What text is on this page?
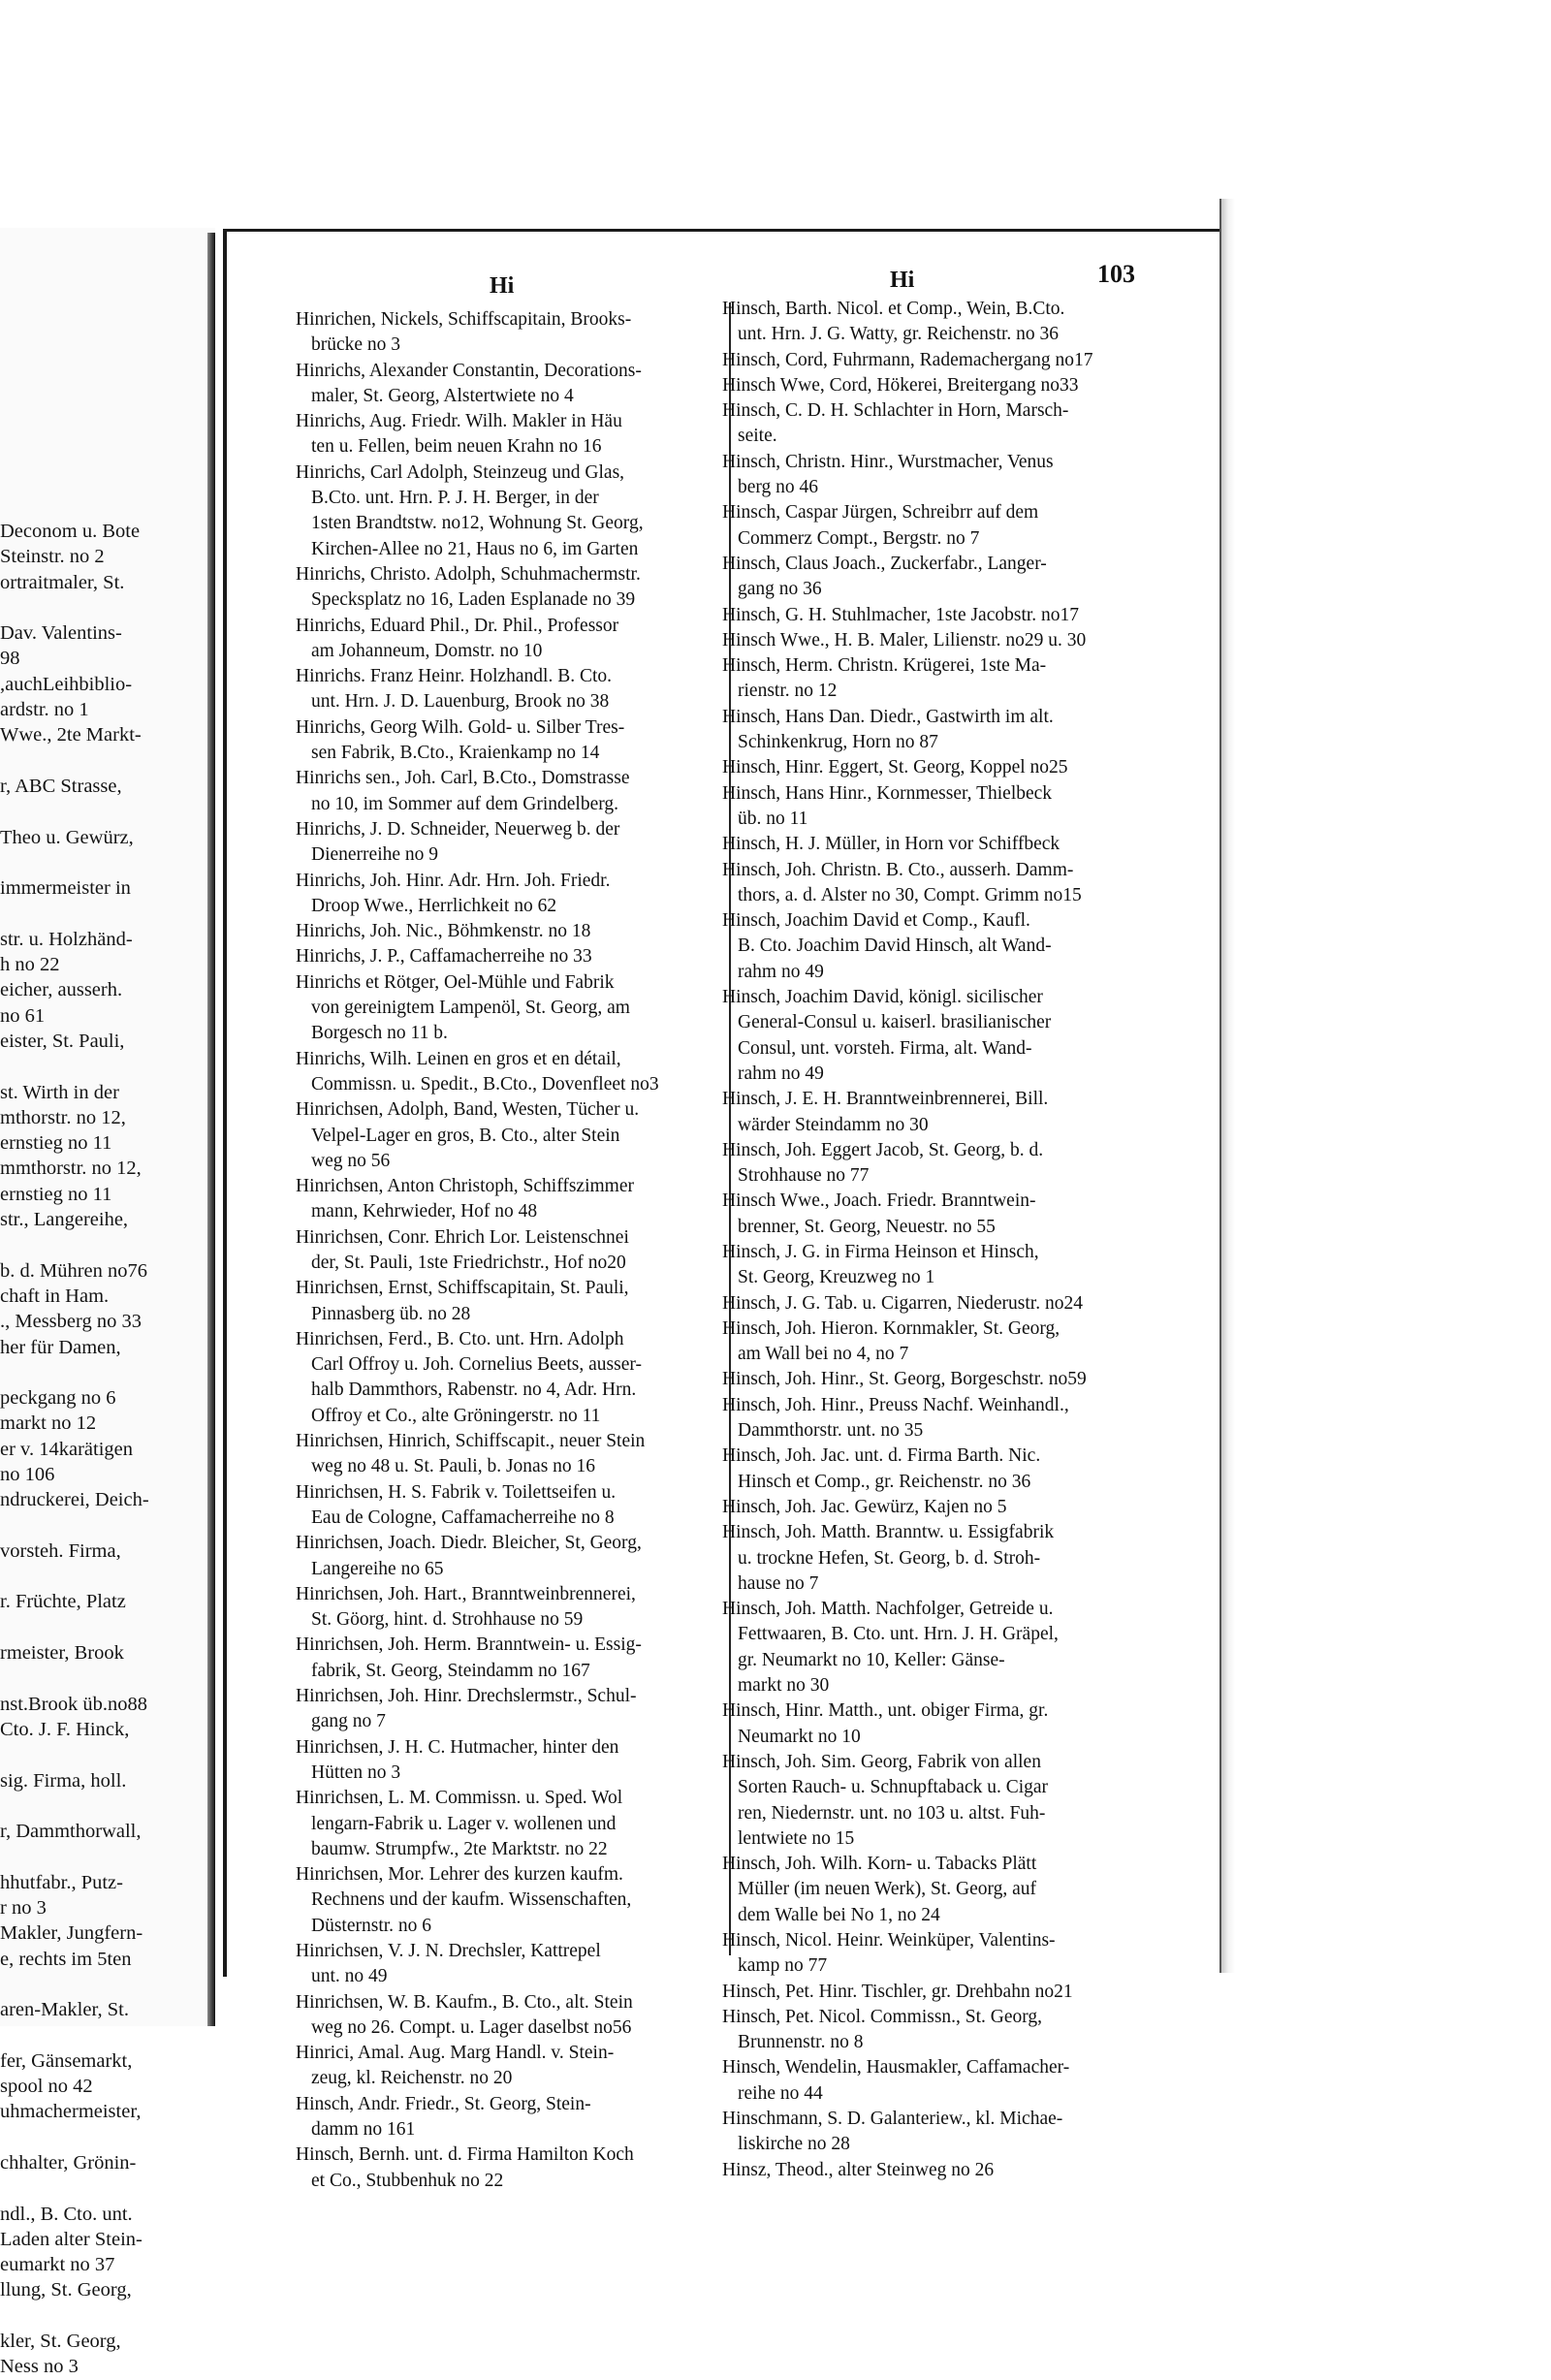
Deconom u. Bote
Steinstr. no 2
ortraitmaler, St.
Dav. Valentins-
98
,auchLeihbiblio-
ardstr. no 1
Wwe., 2te Markt-
r, ABC Strasse,
Theo u. Gewürz,
immermeister in
str. u. Holzhänd-
h no 22
eicher, ausserh.
no 61
eister, St. Pauli,
st. Wirth in der
mthorstr. no 12,
ernstieg no 11
mmthorstr. no 12,
ernstieg no 11
str., Langereihe,
b. d. Mühren no76
chaft in Ham.
., Messberg no 33
her für Damen,
peckgang no 6
markt no 12
er v. 14karätigen
no 106
ndruckerei, Deich-
vorsteh. Firma,
r. Früchte, Platz
rmeister, Brook
nst.Brook üb.no88
Cto. J. F. Hinck,
sig. Firma, holl.
r, Dammthorwall,
hhutfabr., Putz-
r no 3
Makler, Jungfern-
e, rechts im 5ten
aren-Makler, St.
fer, Gänsemarkt,
spool no 42
uhmachermeister,
chhalter, Grönin-
ndl., B. Cto. unt.
Laden alter Stein-
eumarkt no 37
llung, St. Georg,
kler, St. Georg,
Ness no 3
Hi	Hi	103
Hinrichen, Nickels, Schiffscapitain, Brooks-
brücke no 3
Hinrichs, Alexander Constantin, Decorations-
maler, St. Georg, Alstertwiete no 4
Hinrichs, Aug. Friedr. Wilh. Makler in Häu
ten u. Fellen, beim neuen Krahn no 16
Hinrichs, Carl Adolph, Steinzeug und Glas,
B.Cto. unt. Hrn. P. J. H. Berger, in der
1sten Brandtstw. no12, Wohnung St. Georg,
Kirchen-Allee no 21, Haus no 6, im Garten
Hinrichs, Christo. Adolph, Schuhmachermstr.
Specksplatz no 16, Laden Esplanade no 39
Hinrichs, Eduard Phil., Dr. Phil., Professor
am Johanneum, Domstr. no 10
Hinrichs. Franz Heinr. Holzhandl. B. Cto.
unt. Hrn. J. D. Lauenburg, Brook no 38
Hinrichs, Georg Wilh. Gold- u. Silber Tres-
sen Fabrik, B.Cto., Kraienkamp no 14
Hinrichs sen., Joh. Carl, B.Cto., Domstrasse
no 10, im Sommer auf dem Grindelberg.
Hinrichs, J. D. Schneider, Neuerweg b. der
Dienerreihe no 9
Hinrichs, Joh. Hinr. Adr. Hrn. Joh. Friedr.
Droop Wwe., Herrlichkeit no 62
Hinrichs, Joh. Nic., Böhmkenstr. no 18
Hinrichs, J. P., Caffamacherreihe no 33
Hinrichs et Rötger, Oel-Mühle und Fabrik
von gereinigtem Lampenöl, St. Georg, am
Borgesch no 11 b.
Hinrichs, Wilh. Leinen en gros et en détail,
Commissn. u. Spedit., B.Cto., Dovenfleet no3
Hinrichsen, Adolph, Band, Westen, Tücher u.
Velpel-Lager en gros, B. Cto., alter Stein
weg no 56
Hinrichsen, Anton Christoph, Schiffszimmer
mann, Kehrwieder, Hof no 48
Hinrichsen, Conr. Ehrich Lor. Leistenschnei
der, St. Pauli, 1ste Friedrichstr., Hof no20
Hinrichsen, Ernst, Schiffscapitain, St. Pauli,
Pinnasberg üb. no 28
Hinrichsen, Ferd., B. Cto. unt. Hrn. Adolph
Carl Offroy u. Joh. Cornelius Beets, ausser-
halb Dammthors, Rabenstr. no 4, Adr. Hrn.
Offroy et Co., alte Gröningerstr. no 11
Hinrichsen, Hinrich, Schiffscapit., neuer Stein
weg no 48 u. St. Pauli, b. Jonas no 16
Hinrichsen, H. S. Fabrik v. Toilettseifen u.
Eau de Cologne, Caffamacherreihe no 8
Hinrichsen, Joach. Diedr. Bleicher, St, Georg,
Langereihe no 65
Hinrichsen, Joh. Hart., Branntweinbrennerei,
St. Göorg, hint. d. Strohhause no 59
Hinrichsen, Joh. Herm. Branntwein- u. Essig-
fabrik, St. Georg, Steindamm no 167
Hinrichsen, Joh. Hinr. Drechslermstr., Schul-
gang no 7
Hinrichsen, J. H. C. Hutmacher, hinter den
Hütten no 3
Hinrichsen, L. M. Commissn. u. Sped. Wol
lengarn-Fabrik u. Lager v. wollenen und
baumw. Strumpfw., 2te Marktstr. no 22
Hinrichsen, Mor. Lehrer des kurzen kaufm.
Rechnens und der kaufm. Wissenschaften,
Düsternstr. no 6
Hinrichsen, V. J. N. Drechsler, Kattrepel
unt. no 49
Hinrichsen, W. B. Kaufm., B. Cto., alt. Stein
weg no 26. Compt. u. Lager daselbst no56
Hinrici, Amal. Aug. Marg Handl. v. Stein-
zeug, kl. Reichenstr. no 20
Hinsch, Andr. Friedr., St. Georg, Stein-
damm no 161
Hinsch, Bernh. unt. d. Firma Hamilton Koch
et Co., Stubbenhuk no 22
Hinsch, Barth. Nicol. et Comp., Wein, B.Cto.
unt. Hrn. J. G. Watty, gr. Reichenstr. no 36
Hinsch, Cord, Fuhrmann, Rademachergang no17
Hinsch Wwe, Cord, Hökerei, Breitergang no33
Hinsch, C. D. H. Schlachter in Horn, Marsch-
seite.
Hinsch, Christn. Hinr., Wurstmacher, Venus
berg no 46
Hinsch, Caspar Jürgen, Schreibrr auf dem
Commerz Compt., Bergstr. no 7
Hinsch, Claus Joach., Zuckerfabr., Langer-
gang no 36
Hinsch, G. H. Stuhlmacher, 1ste Jacobstr. no17
Hinsch Wwe., H. B. Maler, Lilienstr. no29 u. 30
Hinsch, Herm. Christn. Krügerei, 1ste Ma-
rienstr. no 12
Hinsch, Hans Dan. Diedr., Gastwirth im alt.
Schinkenkrug, Horn no 87
Hinsch, Hinr. Eggert, St. Georg, Koppel no25
Hinsch, Hans Hinr., Kornmesser, Thielbeck
üb. no 11
Hinsch, H. J. Müller, in Horn vor Schiffbeck
Hinsch, Joh. Christn. B. Cto., ausserh. Damm-
thors, a. d. Alster no 30, Compt. Grimm no15
Hinsch, Joachim David et Comp., Kaufl.
B. Cto. Joachim David Hinsch, alt Wand-
rahm no 49
Hinsch, Joachim David, königl. sicilischer
General-Consul u. kaiserl. brasilianischer
Consul, unt. vorsteh. Firma, alt. Wand-
rahm no 49
Hinsch, J. E. H. Branntweinbrennerei, Bill.
wärder Steindamm no 30
Hinsch, Joh. Eggert Jacob, St. Georg, b. d.
Strohhause no 77
Hinsch Wwe., Joach. Friedr. Branntwein-
brenner, St. Georg, Neuestr. no 55
Hinsch, J. G. in Firma Heinson et Hinsch,
St. Georg, Kreuzweg no 1
Hinsch, J. G. Tab. u. Cigarren, Niederustr. no24
Hinsch, Joh. Hieron. Kornmakler, St. Georg,
am Wall bei no 4, no 7
Hinsch, Joh. Hinr., St. Georg, Borgeschstr. no59
Hinsch, Joh. Hinr., Preuss Nachf. Weinhandl.,
Dammthorstr. unt. no 35
Hinsch, Joh. Jac. unt. d. Firma Barth. Nic.
Hinsch et Comp., gr. Reichenstr. no 36
Hinsch, Joh. Jac. Gewürz, Kajen no 5
Hinsch, Joh. Matth. Branntw. u. Essigfabrik
u. trockne Hefen, St. Georg, b. d. Stroh-
hause no 7
Hinsch, Joh. Matth. Nachfolger, Getreide u.
Fettwaaren, B. Cto. unt. Hrn. J. H. Gräpel,
gr. Neumarkt no 10, Keller: Gänse-
markt no 30
Hinsch, Hinr. Matth., unt. obiger Firma, gr.
Neumarkt no 10
Hinsch, Joh. Sim. Georg, Fabrik von allen
Sorten Rauch- u. Schnupftaback u. Cigar
ren, Niedernstr. unt. no 103 u. altst. Fuh-
lentwiete no 15
Hinsch, Joh. Wilh. Korn- u. Tabacks Plätt
Müller (im neuen Werk), St. Georg, auf
dem Walle bei No 1, no 24
Hinsch, Nicol. Heinr. Weinküper, Valentins-
kamp no 77
Hinsch, Pet. Hinr. Tischler, gr. Drehbahn no21
Hinsch, Pet. Nicol. Commissn., St. Georg,
Brunnenstr. no 8
Hinsch, Wendelin, Hausmakler, Caffamacher-
reihe no 44
Hinschmann, S. D. Galanteriew., kl. Michae-
liskirche no 28
Hinsz, Theod., alter Steinweg no 26
